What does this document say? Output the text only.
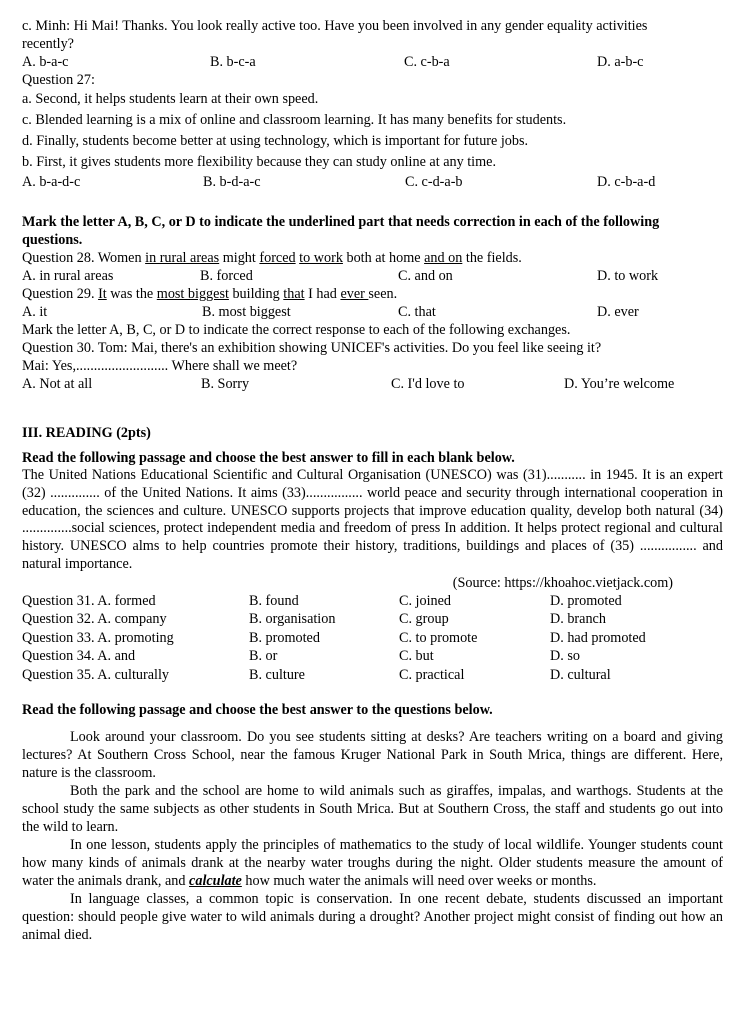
c. Minh: Hi Mai! Thanks. You look really active too. Have you been involved in any gender equality activities recently?
A. b-a-c	B. b-c-a	C. c-b-a	D. a-b-c
Question 27:
a. Second, it helps students learn at their own speed.
c. Blended learning is a mix of online and classroom learning. It has many benefits for students.
d. Finally, students become better at using technology, which is important for future jobs.
b. First, it gives students more flexibility because they can study online at any time.
A. b-a-d-c	B. b-d-a-c	C. c-d-a-b	D. c-b-a-d
Mark the letter A, B, C, or D to indicate the underlined part that needs correction in each of the following questions.
Question 28. Women in rural areas might forced to work both at home and on the fields.
A. in rural areas	B. forced	C. and on	D. to work
Question 29. It was the most biggest building that I had ever seen.
A. it	B. most biggest	C. that	D. ever
Mark the letter A, B, C, or D to indicate the correct response to each of the following exchanges.
Question 30. Tom: Mai, there's an exhibition showing UNICEF's activities. Do you feel like seeing it?
Mai: Yes,.......................... Where shall we meet?
A. Not at all	B. Sorry	C. I'd love to	D. You’re welcome
III. READING (2pts)
Read the following passage and choose the best answer to fill in each blank below.
The United Nations Educational Scientific and Cultural Organisation (UNESCO) was (31)........... in 1945. It is an expert (32) .............. of the United Nations. It aims (33)................ world peace and security through international cooperation in education, the sciences and culture. UNESCO supports projects that improve education quality, develop both natural (34) ..............social sciences, protect independent media and freedom of press In addition. It helps protect regional and cultural history. UNESCO alms to help countries promote their history, traditions, buildings and places of (35) ................ and natural importance.
(Source: https://khoahoc.vietjack.com)
Question 31. A. formed	B. found	C. joined	D. promoted
Question 32. A. company	B. organisation	C. group	D. branch
Question 33. A. promoting	B. promoted	C. to promote	D. had promoted
Question 34. A. and	B. or	C. but	D. so
Question 35. A. culturally	B. culture	C. practical	D. cultural
Read the following passage and choose the best answer to the questions below.
Look around your classroom. Do you see students sitting at desks? Are teachers writing on a board and giving lectures? At Southern Cross School, near the famous Kruger National Park in South Mrica, things are different. Here, nature is the classroom.
Both the park and the school are home to wild animals such as giraffes, impalas, and warthogs. Students at the school study the same subjects as other students in South Mrica. But at Southern Cross, the staff and students go out into the wild to learn.
In one lesson, students apply the principles of mathematics to the study of local wildlife. Younger students count how many kinds of animals drank at the nearby water troughs during the night. Older students measure the amount of water the animals drank, and calculate how much water the animals will need over weeks or months.
In language classes, a common topic is conservation. In one recent debate, students discussed an important question: should people give water to wild animals during a drought? Another project might consist of finding out how an animal died.
